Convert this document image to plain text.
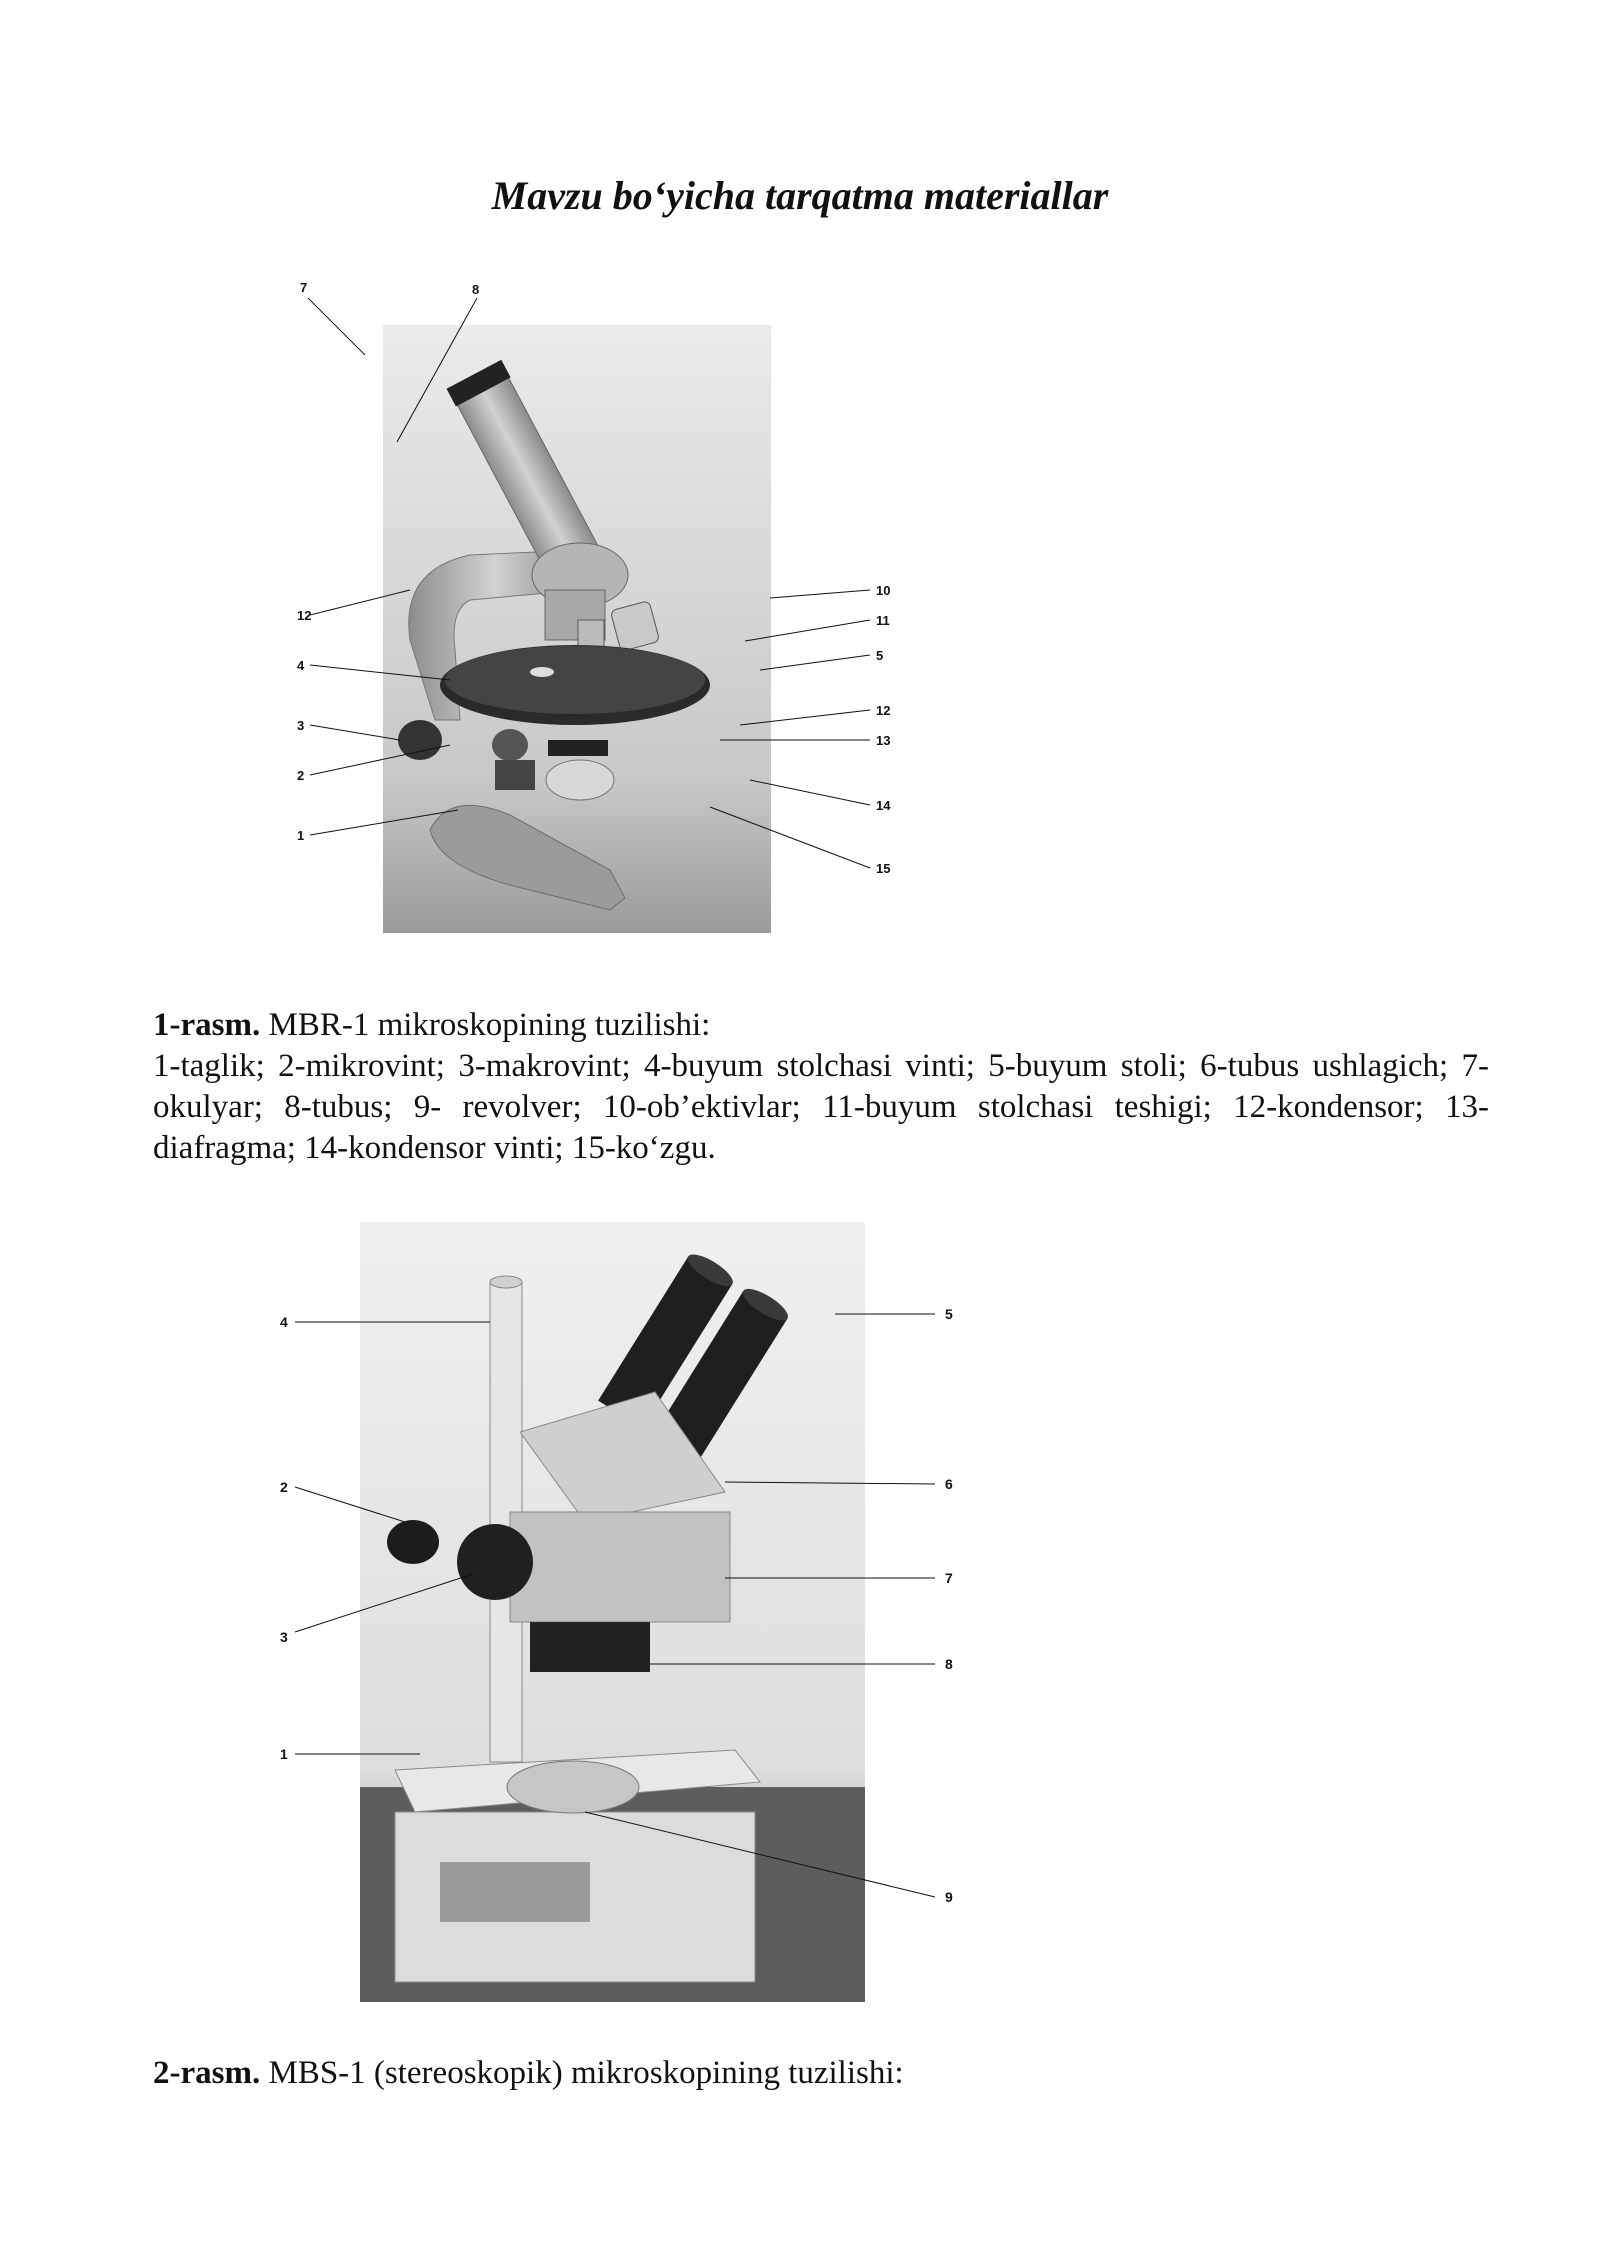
Mavzu bo‘yicha tarqatma materiallar
12
4
3
2
1
7	8
10
11
5
12
13
14
15

1-rasm. MBR-1 mikroskopining tuzilishi:

1-taglik; 2-mikrovint; 3-makrovint; 4-buyum stolchasi vinti; 5-buyum stoli; 6-tubus ushlagich; 7-okulyar; 8-tubus; 9- revolver; 10-ob’ektivlar; 11-buyum stolchasi teshigi; 12-kondensor; 13-diafragma; 14-kondensor vinti; 15-ko‘zgu.

4
2
3
1
5
6
7
8
9

2-rasm. MBS-1 (stereoskopik) mikroskopining tuzilishi:
